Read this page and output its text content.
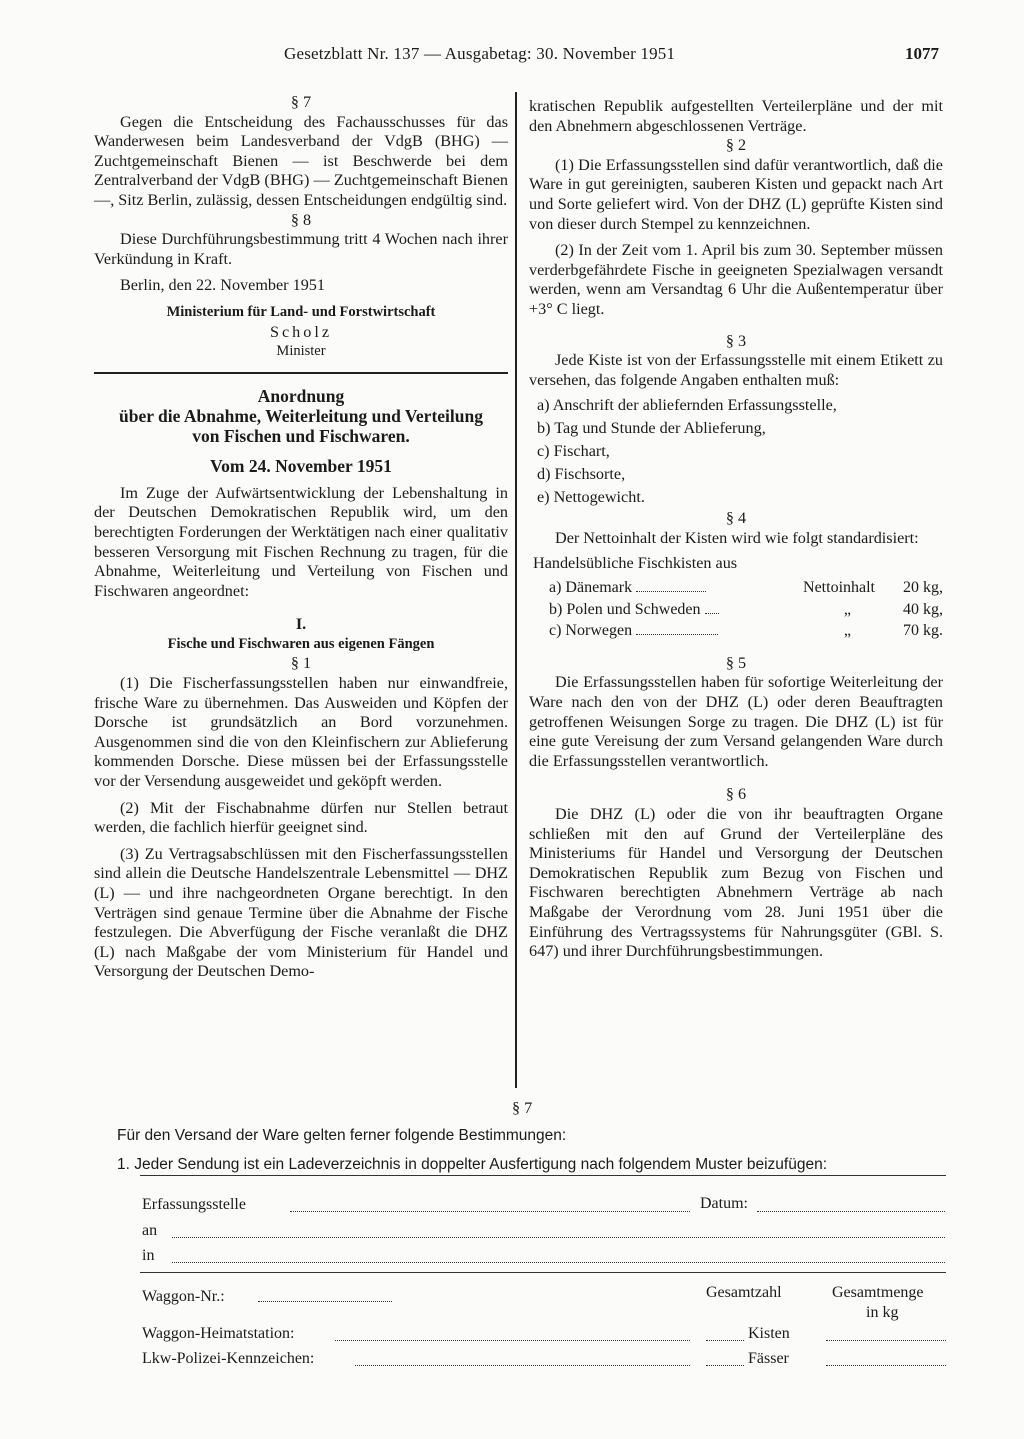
Gesetzblatt Nr. 137 — Ausgabetag: 30. November 1951	1077

§ 7

Gegen die Entscheidung des Fachausschusses für das Wanderwesen beim Landesverband der VdgB (BHG) — Zuchtgemeinschaft Bienen — ist Beschwerde bei dem Zentralverband der VdgB (BHG) — Zuchtgemeinschaft Bienen —, Sitz Berlin, zulässig, dessen Entscheidungen endgültig sind.

§ 8

Diese Durchführungsbestimmung tritt 4 Wochen nach ihrer Verkündung in Kraft.

Berlin, den 22. November 1951

Ministerium für Land- und Forstwirtschaft

Scholz

Minister

Anordnung

über die Abnahme, Weiterleitung und Verteilung

von Fischen und Fischwaren.

Vom 24. November 1951

Im Zuge der Aufwärtsentwicklung der Lebenshaltung in der Deutschen Demokratischen Republik wird, um den berechtigten Forderungen der Werktätigen nach einer qualitativ besseren Versorgung mit Fischen Rechnung zu tragen, für die Abnahme, Weiterleitung und Verteilung von Fischen und Fischwaren angeordnet:

I.

Fische und Fischwaren aus eigenen Fängen

§ 1

(1) Die Fischerfassungsstellen haben nur einwandfreie, frische Ware zu übernehmen. Das Ausweiden und Köpfen der Dorsche ist grundsätzlich an Bord vorzunehmen. Ausgenommen sind die von den Kleinfischern zur Ablieferung kommenden Dorsche. Diese müssen bei der Erfassungsstelle vor der Versendung ausgeweidet und geköpft werden.

(2) Mit der Fischabnahme dürfen nur Stellen betraut werden, die fachlich hierfür geeignet sind.

(3) Zu Vertragsabschlüssen mit den Fischerfassungsstellen sind allein die Deutsche Handelszentrale Lebensmittel — DHZ (L) — und ihre nachgeordneten Organe berechtigt. In den Verträgen sind genaue Termine über die Abnahme der Fische festzulegen. Die Abverfügung der Fische veranlaßt die DHZ (L) nach Maßgabe der vom Ministerium für Handel und Versorgung der Deutschen Demo-

kratischen Republik aufgestellten Verteilerpläne und der mit den Abnehmern abgeschlossenen Verträge.

§ 2

(1) Die Erfassungsstellen sind dafür verantwortlich, daß die Ware in gut gereinigten, sauberen Kisten und gepackt nach Art und Sorte geliefert wird. Von der DHZ (L) geprüfte Kisten sind von dieser durch Stempel zu kennzeichnen.

(2) In der Zeit vom 1. April bis zum 30. September müssen verderbgefährdete Fische in geeigneten Spezialwagen versandt werden, wenn am Versandtag 6 Uhr die Außentemperatur über +3° C liegt.

§ 3

Jede Kiste ist von der Erfassungsstelle mit einem Etikett zu versehen, das folgende Angaben enthalten muß:

a) Anschrift der abliefernden Erfassungsstelle,

b) Tag und Stunde der Ablieferung,

c) Fischart,

d) Fischsorte,

e) Nettogewicht.

§ 4

Der Nettoinhalt der Kisten wird wie folgt standardisiert:

Handelsübliche Fischkisten aus

a) Dänemark	Nettoinhalt	20 kg,
b) Polen und Schweden	„	40 kg,
c) Norwegen	„	70 kg.

§ 5

Die Erfassungsstellen haben für sofortige Weiterleitung der Ware nach den von der DHZ (L) oder deren Beauftragten getroffenen Weisungen Sorge zu tragen. Die DHZ (L) ist für eine gute Vereisung der zum Versand gelangenden Ware durch die Erfassungsstellen verantwortlich.

§ 6

Die DHZ (L) oder die von ihr beauftragten Organe schließen mit den auf Grund der Verteilerpläne des Ministeriums für Handel und Versorgung der Deutschen Demokratischen Republik zum Bezug von Fischen und Fischwaren berechtigten Abnehmern Verträge ab nach Maßgabe der Verordnung vom 28. Juni 1951 über die Einführung des Vertragssystems für Nahrungsgüter (GBl. S. 647) und ihrer Durchführungsbestimmungen.

§ 7
Für den Versand der Ware gelten ferner folgende Bestimmungen:
1. Jeder Sendung ist ein Ladeverzeichnis in doppelter Ausfertigung nach folgendem Muster beizufügen:
Erfassungsstelle	Datum:
an
in
Waggon-Nr.:	Gesamtzahl	Gesamtmenge
in kg
Waggon-Heimatstation:	Kisten
Lkw-Polizei-Kennzeichen:	Fässer
